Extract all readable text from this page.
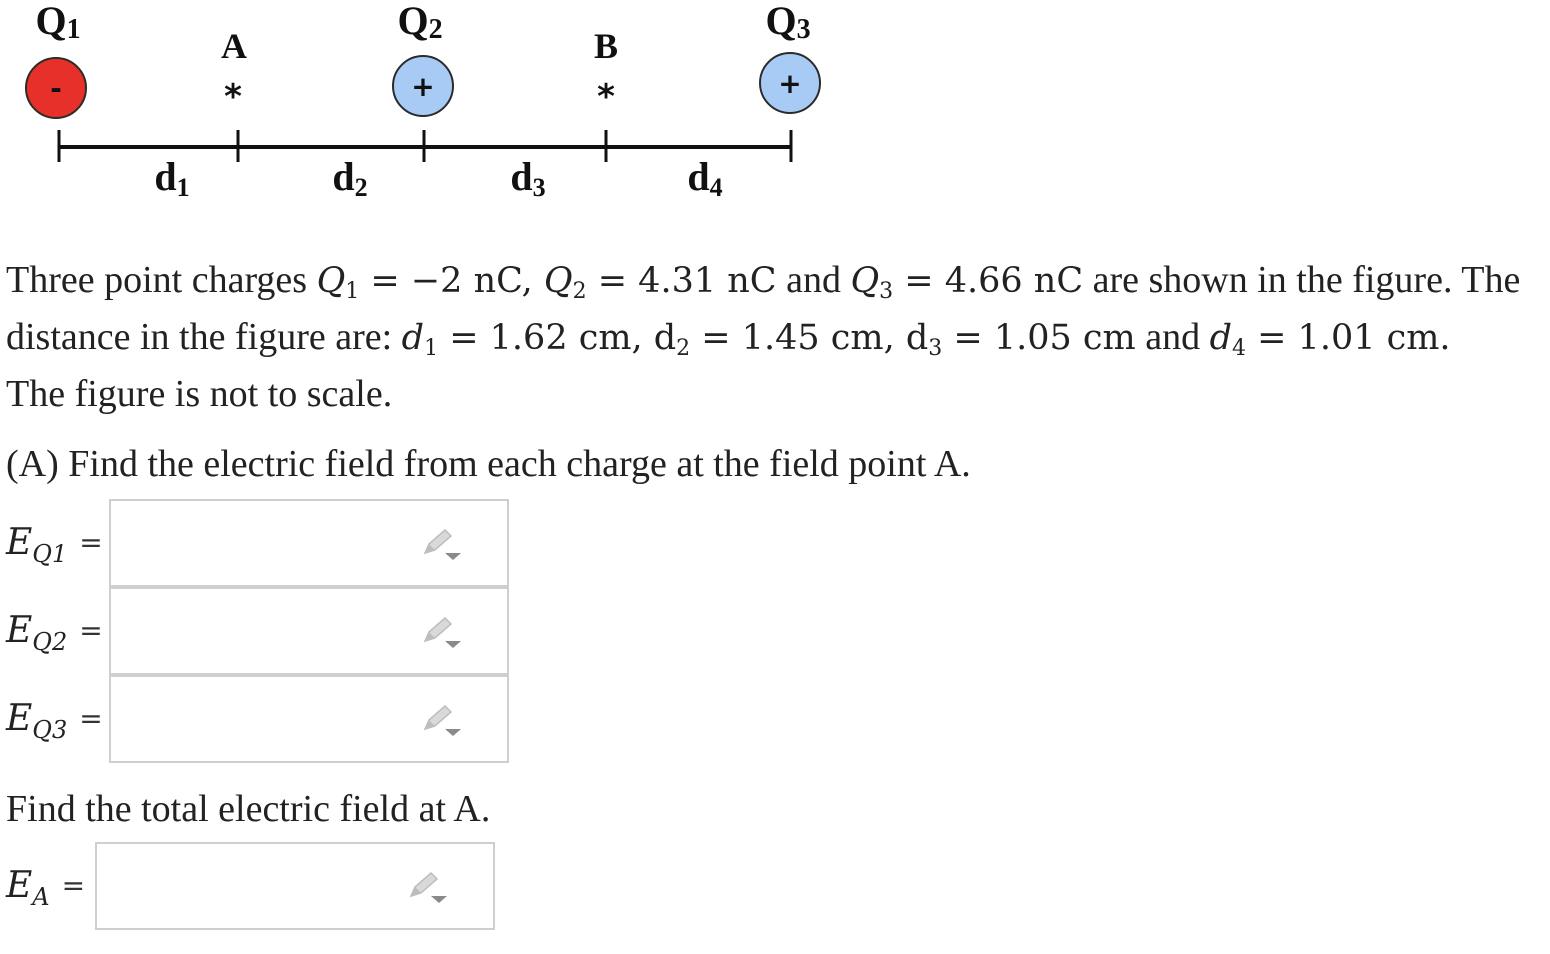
Q1	Q2	Q3
A	B
-	+	+
*	*
d1	d2	d3	d4
Three point charges $Q_1 = -2$ nC, $Q_2 = 4.31$ nC and $Q_3 = 4.66$ nC are shown in the figure. The
distance in the figure are: $d_1 = 1.62$ cm, $d_2 = 1.45$ cm, $d_3 = 1.05$ cm and $d_4 = 1.01$ cm.
The figure is not to scale.
(A) Find the electric field from each charge at the field point A.
$E_{Q1}$ =
$E_{Q2}$ =
$E_{Q3}$ =
Find the total electric field at A.
$E_A$ =
